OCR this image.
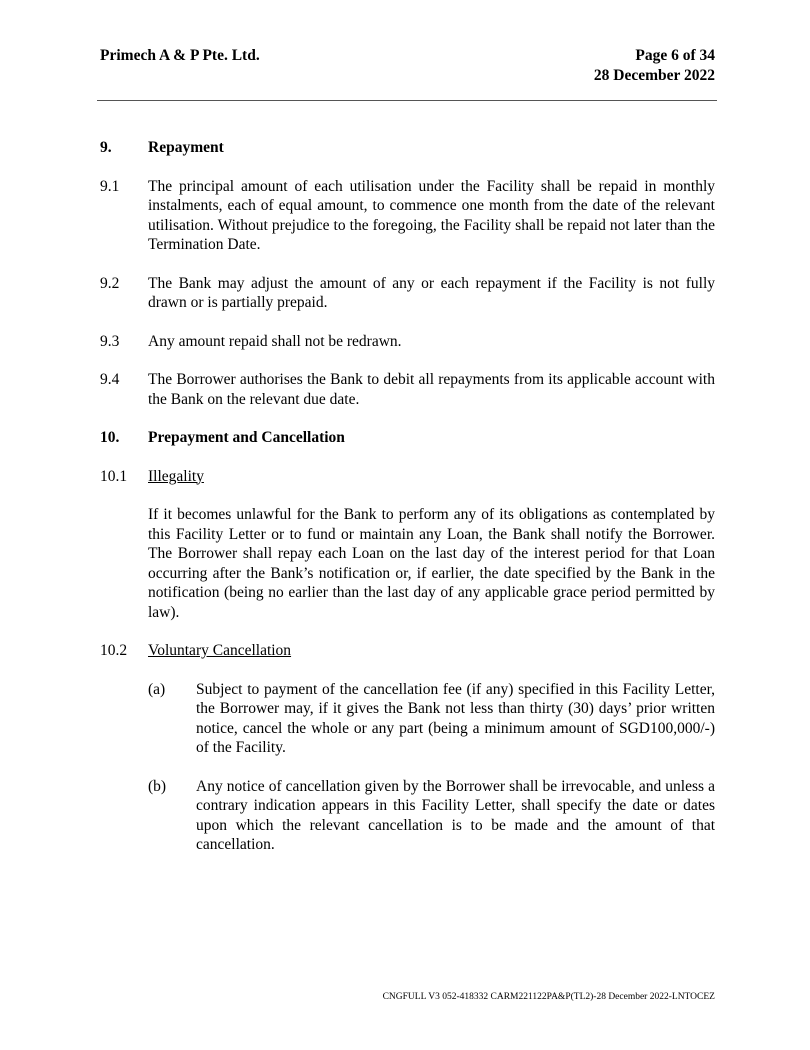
Primech A & P Pte. Ltd.	Page 6 of 34
28 December 2022
9.	Repayment
9.1	The principal amount of each utilisation under the Facility shall be repaid in monthly instalments, each of equal amount, to commence one month from the date of the relevant utilisation. Without prejudice to the foregoing, the Facility shall be repaid not later than the Termination Date.
9.2	The Bank may adjust the amount of any or each repayment if the Facility is not fully drawn or is partially prepaid.
9.3	Any amount repaid shall not be redrawn.
9.4	The Borrower authorises the Bank to debit all repayments from its applicable account with the Bank on the relevant due date.
10.	Prepayment and Cancellation
10.1	Illegality
If it becomes unlawful for the Bank to perform any of its obligations as contemplated by this Facility Letter or to fund or maintain any Loan, the Bank shall notify the Borrower. The Borrower shall repay each Loan on the last day of the interest period for that Loan occurring after the Bank’s notification or, if earlier, the date specified by the Bank in the notification (being no earlier than the last day of any applicable grace period permitted by law).
10.2	Voluntary Cancellation
(a)	Subject to payment of the cancellation fee (if any) specified in this Facility Letter, the Borrower may, if it gives the Bank not less than thirty (30) days’ prior written notice, cancel the whole or any part (being a minimum amount of SGD100,000/-) of the Facility.
(b)	Any notice of cancellation given by the Borrower shall be irrevocable, and unless a contrary indication appears in this Facility Letter, shall specify the date or dates upon which the relevant cancellation is to be made and the amount of that cancellation.
CNGFULL V3 052-418332 CARM221122PA&P(TL2)-28 December 2022-LNTOCEZ
